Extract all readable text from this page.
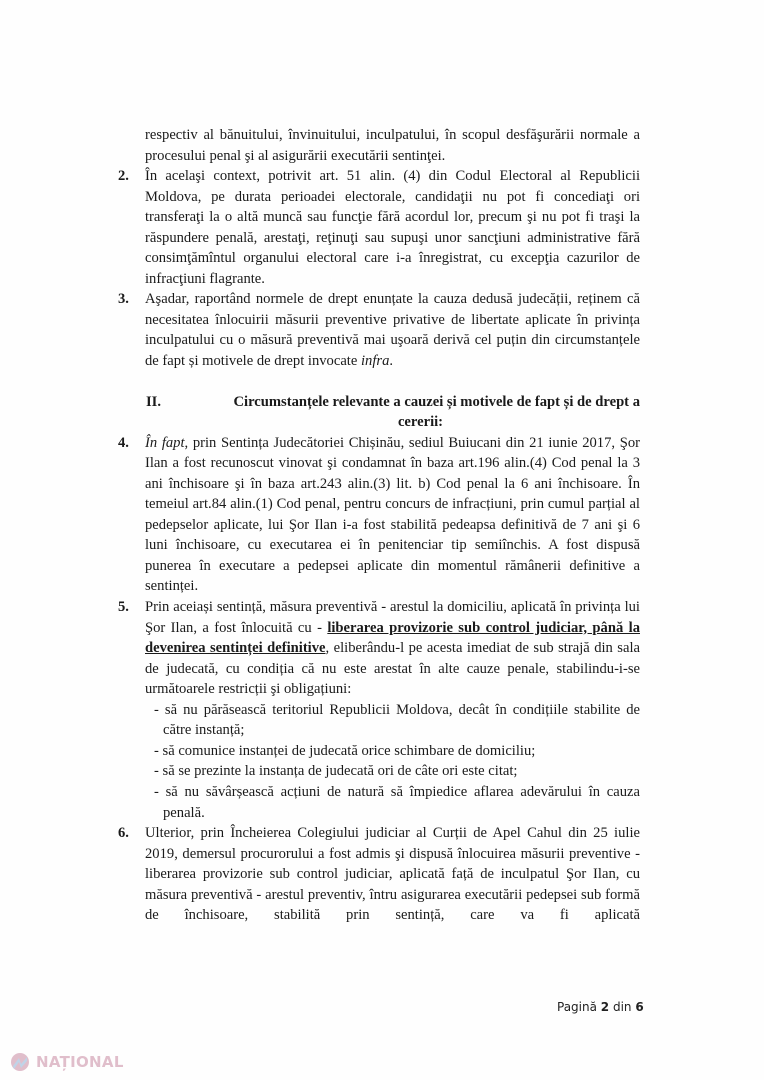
respectiv al bănuitului, învinuitului, inculpatului, în scopul desfăşurării normale a procesului penal şi al asigurării executării sentinţei.

2. În acelaşi context, potrivit art. 51 alin. (4) din Codul Electoral al Republicii Moldova, pe durata perioadei electorale, candidaţii nu pot fi concediaţi ori transferaţi la o altă muncă sau funcţie fără acordul lor, precum şi nu pot fi traşi la răspundere penală, arestaţi, reţinuţi sau supuşi unor sancţiuni administrative fără consimţămîntul organului electoral care i-a înregistrat, cu excepţia cazurilor de infracţiuni flagrante.

3. Aşadar, raportând normele de drept enunțate la cauza dedusă judecății, reținem că necesitatea înlocuirii măsurii preventive privative de libertate aplicate în privința inculpatului cu o măsură preventivă mai uşoară derivă cel puțin din circumstanțele de fapt și motivele de drept invocate infra.

II.	Circumstanțele relevante a cauzei și motivele de fapt și de drept a
cererii:

4. În fapt, prin Sentința Judecătoriei Chișinău, sediul Buiucani din 21 iunie 2017, Şor Ilan a fost recunoscut vinovat şi condamnat în baza art.196 alin.(4) Cod penal la 3 ani închisoare şi în baza art.243 alin.(3) lit. b) Cod penal la 6 ani închisoare. În temeiul art.84 alin.(1) Cod penal, pentru concurs de infracțiuni, prin cumul parțial al pedepselor aplicate, lui Şor Ilan i-a fost stabilită pedeapsa definitivă de 7 ani şi 6 luni închisoare, cu executarea ei în penitenciar tip semiînchis. A fost dispusă punerea în executare a pedepsei aplicate din momentul rămânerii definitive a sentinței.

5. Prin aceiași sentință, măsura preventivă - arestul la domiciliu, aplicată în privința lui Şor Ilan, a fost înlocuită cu - liberarea provizorie sub control judiciar, până la devenirea sentinței definitive, eliberându-l pe acesta imediat de sub strajă din sala de judecată, cu condiția că nu este arestat în alte cauze penale, stabilindu-i-se următoarele restricții şi obligațiuni:

- să nu părăsească teritoriul Republicii Moldova, decât în condițiile stabilite de către instanță;

- să comunice instanței de judecată orice schimbare de domiciliu;

- să se prezinte la instanța de judecată ori de câte ori este citat;

- să nu săvârșească acțiuni de natură să împiedice aflarea adevărului în cauza penală.

6. Ulterior, prin Încheierea Colegiului judiciar al Curții de Apel Cahul din 25 iulie 2019, demersul procurorului a fost admis şi dispusă înlocuirea măsurii preventive - liberarea provizorie sub control judiciar, aplicată față de inculpatul Şor Ilan, cu măsura preventivă - arestul preventiv, întru asigurarea executării pedepsei sub formă de închisoare, stabilită prin sentință, care va fi aplicată

Pagină 2 din 6
NAȚIONAL
